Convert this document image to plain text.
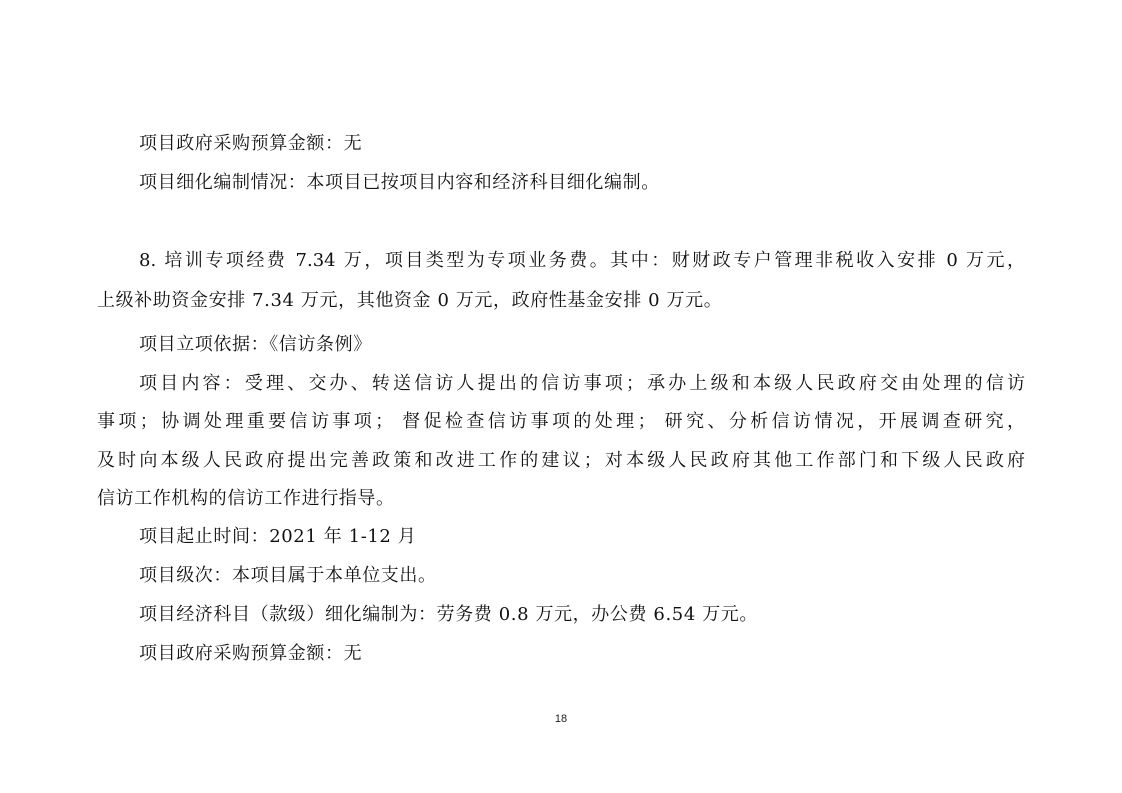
项目政府采购预算金额：无
项目细化编制情况：本项目已按项目内容和经济科目细化编制。
8. 培训专项经费 7.34 万，项目类型为专项业务费。其中：财财政专户管理非税收入安排 0 万元，
上级补助资金安排 7.34 万元，其他资金 0 万元，政府性基金安排 0 万元。
项目立项依据：《信访条例》
项目内容：受理、交办、转送信访人提出的信访事项；承办上级和本级人民政府交由处理的信访
事项；协调处理重要信访事项； 督促检查信访事项的处理； 研究、分析信访情况，开展调查研究，
及时向本级人民政府提出完善政策和改进工作的建议；对本级人民政府其他工作部门和下级人民政府
信访工作机构的信访工作进行指导。
项目起止时间：2021 年 1-12 月
项目级次：本项目属于本单位支出。
项目经济科目（款级）细化编制为：劳务费 0.8 万元，办公费 6.54 万元。
项目政府采购预算金额：无
18
